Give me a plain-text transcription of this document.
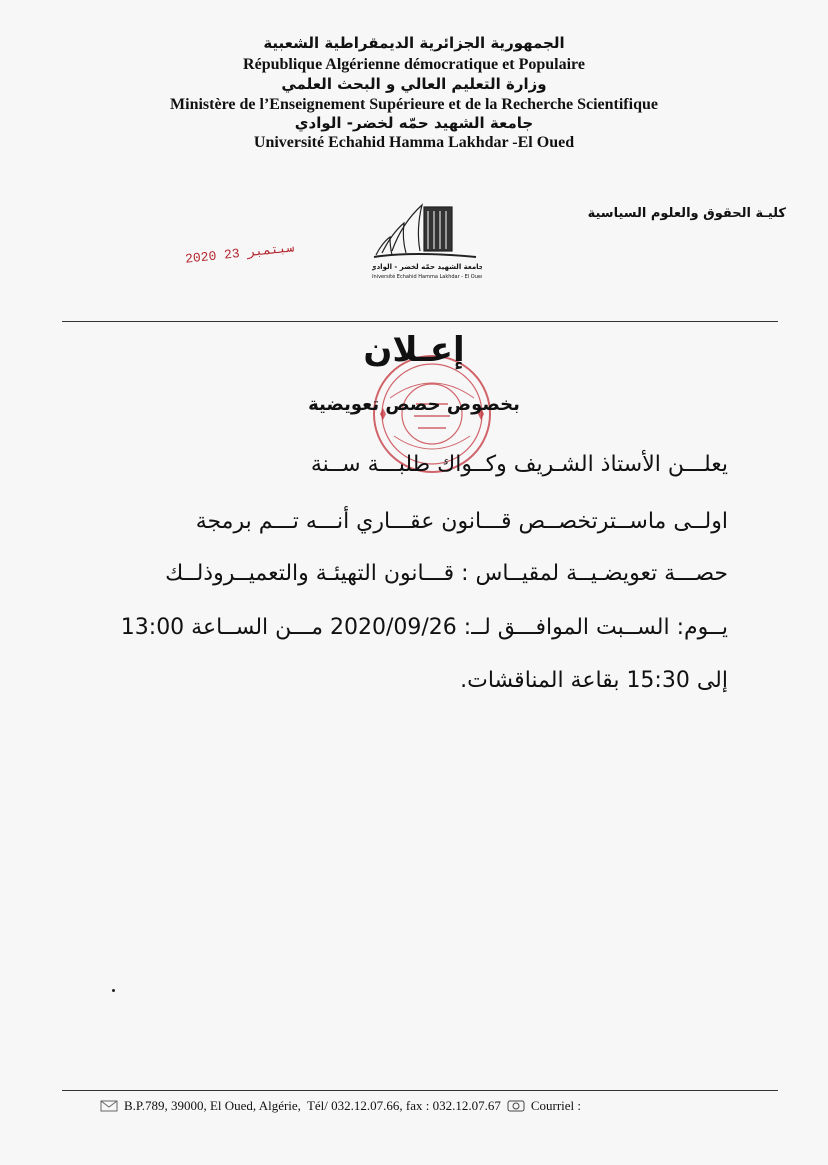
الجمهورية الجزائرية الديمقراطية الشعبية
République Algérienne démocratique et Populaire
وزارة التعليم العالي و البحث العلمي
Ministère de l’Enseignement Supérieure et de la Recherche Scientifique
جامعة الشهيد حمّه لخضر- الوادي
Université Echahid Hamma Lakhdar -El Oued
كليـة الحقوق والعلوم السياسية
جامعة الشهيد حمّه لخضر - الوادي
Université Echahid Hamma Lakhdar - El Oued
2020 سبتمبر 23
إعـلان
بخصوص حصص تعويضية
يعلـــن الأستاذ الشـريف وكــواك طلبـــة ســنة
اولــى ماســترتخصــص قـــانون عقـــاري أنـــه تـــم برمجة
حصـــة تعويضـيــة لمقيــاس : قـــانون التهيئـة والتعميــروذلــك
يــوم: الســبت الموافـــق لــ: 2020/09/26 مـــن الســاعة 13:00
إلى 15:30 بقاعة المناقشات.
B.P.789, 39000, El Oued, Algérie, Tél/ 032.12.07.66, fax : 032.12.07.67 Courriel :
